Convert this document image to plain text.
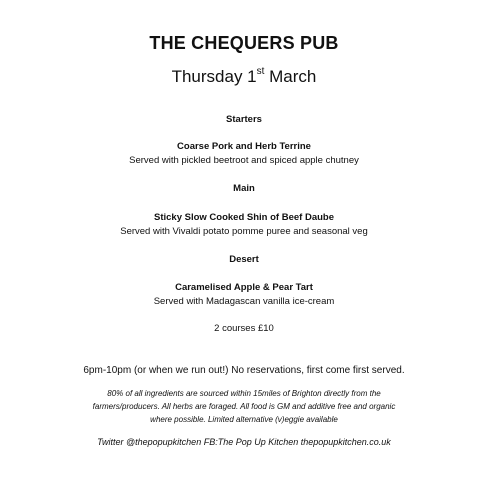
THE CHEQUERS PUB
Thursday 1st March
Starters
Coarse Pork and Herb Terrine
Served with pickled beetroot and spiced apple chutney
Main
Sticky Slow Cooked Shin of Beef Daube
Served with Vivaldi potato pomme puree and seasonal veg
Desert
Caramelised Apple & Pear Tart
Served with Madagascan vanilla ice-cream
2 courses £10
6pm-10pm (or when we run out!) No reservations, first come first served.
80% of all ingredients are sourced within 15miles of Brighton directly from the
farmers/producers. All herbs are foraged. All food is GM and additive free and organic
where possible. Limited alternative (v)eggie available
Twitter @thepopupkitchen FB:The Pop Up Kitchen thepopupkitchen.co.uk
